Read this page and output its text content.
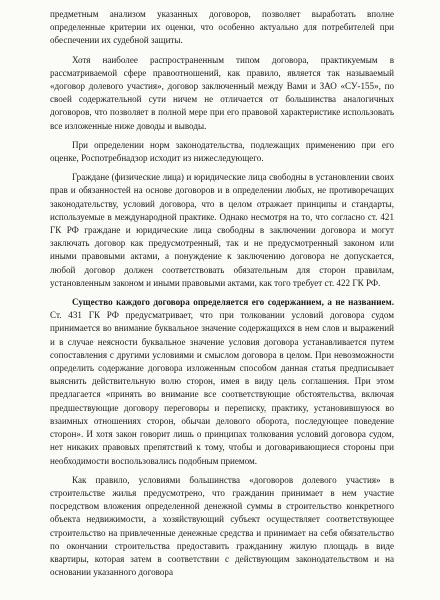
предметным анализом указанных договоров, позволяет выработать вполне определенные критерии их оценки, что особенно актуально для потребителей при обеспечении их судебной защиты.

Хотя наиболее распространенным типом договора, практикуемым в рассматриваемой сфере правоотношений, как правило, является так называемый «договор долевого участия», договор заключенный между Вами и ЗАО «СУ-155», по своей содержательной сути ничем не отличается от большинства аналогичных договоров, что позволяет в полной мере при его правовой характеристике использовать все изложенные ниже доводы и выводы.

При определении норм законодательства, подлежащих применению при его оценке, Роспотребнадзор исходит из нижеследующего.

Граждане (физические лица) и юридические лица свободны в установлении своих прав и обязанностей на основе договоров и в определении любых, не противоречащих законодательству, условий договора, что в целом отражает принципы и стандарты, используемые в международной практике. Однако несмотря на то, что согласно ст. 421 ГК РФ граждане и юридические лица свободны в заключении договора и могут заключать договор как предусмотренный, так и не предусмотренный законом или иными правовыми актами, а понуждение к заключению договора не допускается, любой договор должен соответствовать обязательным для сторон правилам, установленным законом и иными правовыми актами, как того требует ст. 422 ГК РФ.

Существо каждого договора определяется его содержанием, а не названием. Ст. 431 ГК РФ предусматривает, что при толковании условий договора судом принимается во внимание буквальное значение содержащихся в нем слов и выражений и в случае неясности буквальное значение условия договора устанавливается путем сопоставления с другими условиями и смыслом договора в целом. При невозможности определить содержание договора изложенным способом данная статья предписывает выяснить действительную волю сторон, имея в виду цель соглашения. При этом предлагается «принять во внимание все соответствующие обстоятельства, включая предшествующие договору переговоры и переписку, практику, установившуюся во взаимных отношениях сторон, обычаи делового оборота, последующее поведение сторон». И хотя закон говорит лишь о принципах толкования условий договора судом, нет никаких правовых препятствий к тому, чтобы и договаривающиеся стороны при необходимости воспользовались подобным приемом.

Как правило, условиями большинства «договоров долевого участия» в строительстве жилья предусмотрено, что гражданин принимает в нем участие посредством вложения определенной денежной суммы в строительство конкретного объекта недвижимости, а хозяйствующий субъект осуществляет соответствующее строительство на привлеченные денежные средства и принимает на себя обязательство по окончании строительства предоставить гражданину жилую площадь в виде квартиры, которая затем в соответствии с действующим законодательством и на основании указанного договора
